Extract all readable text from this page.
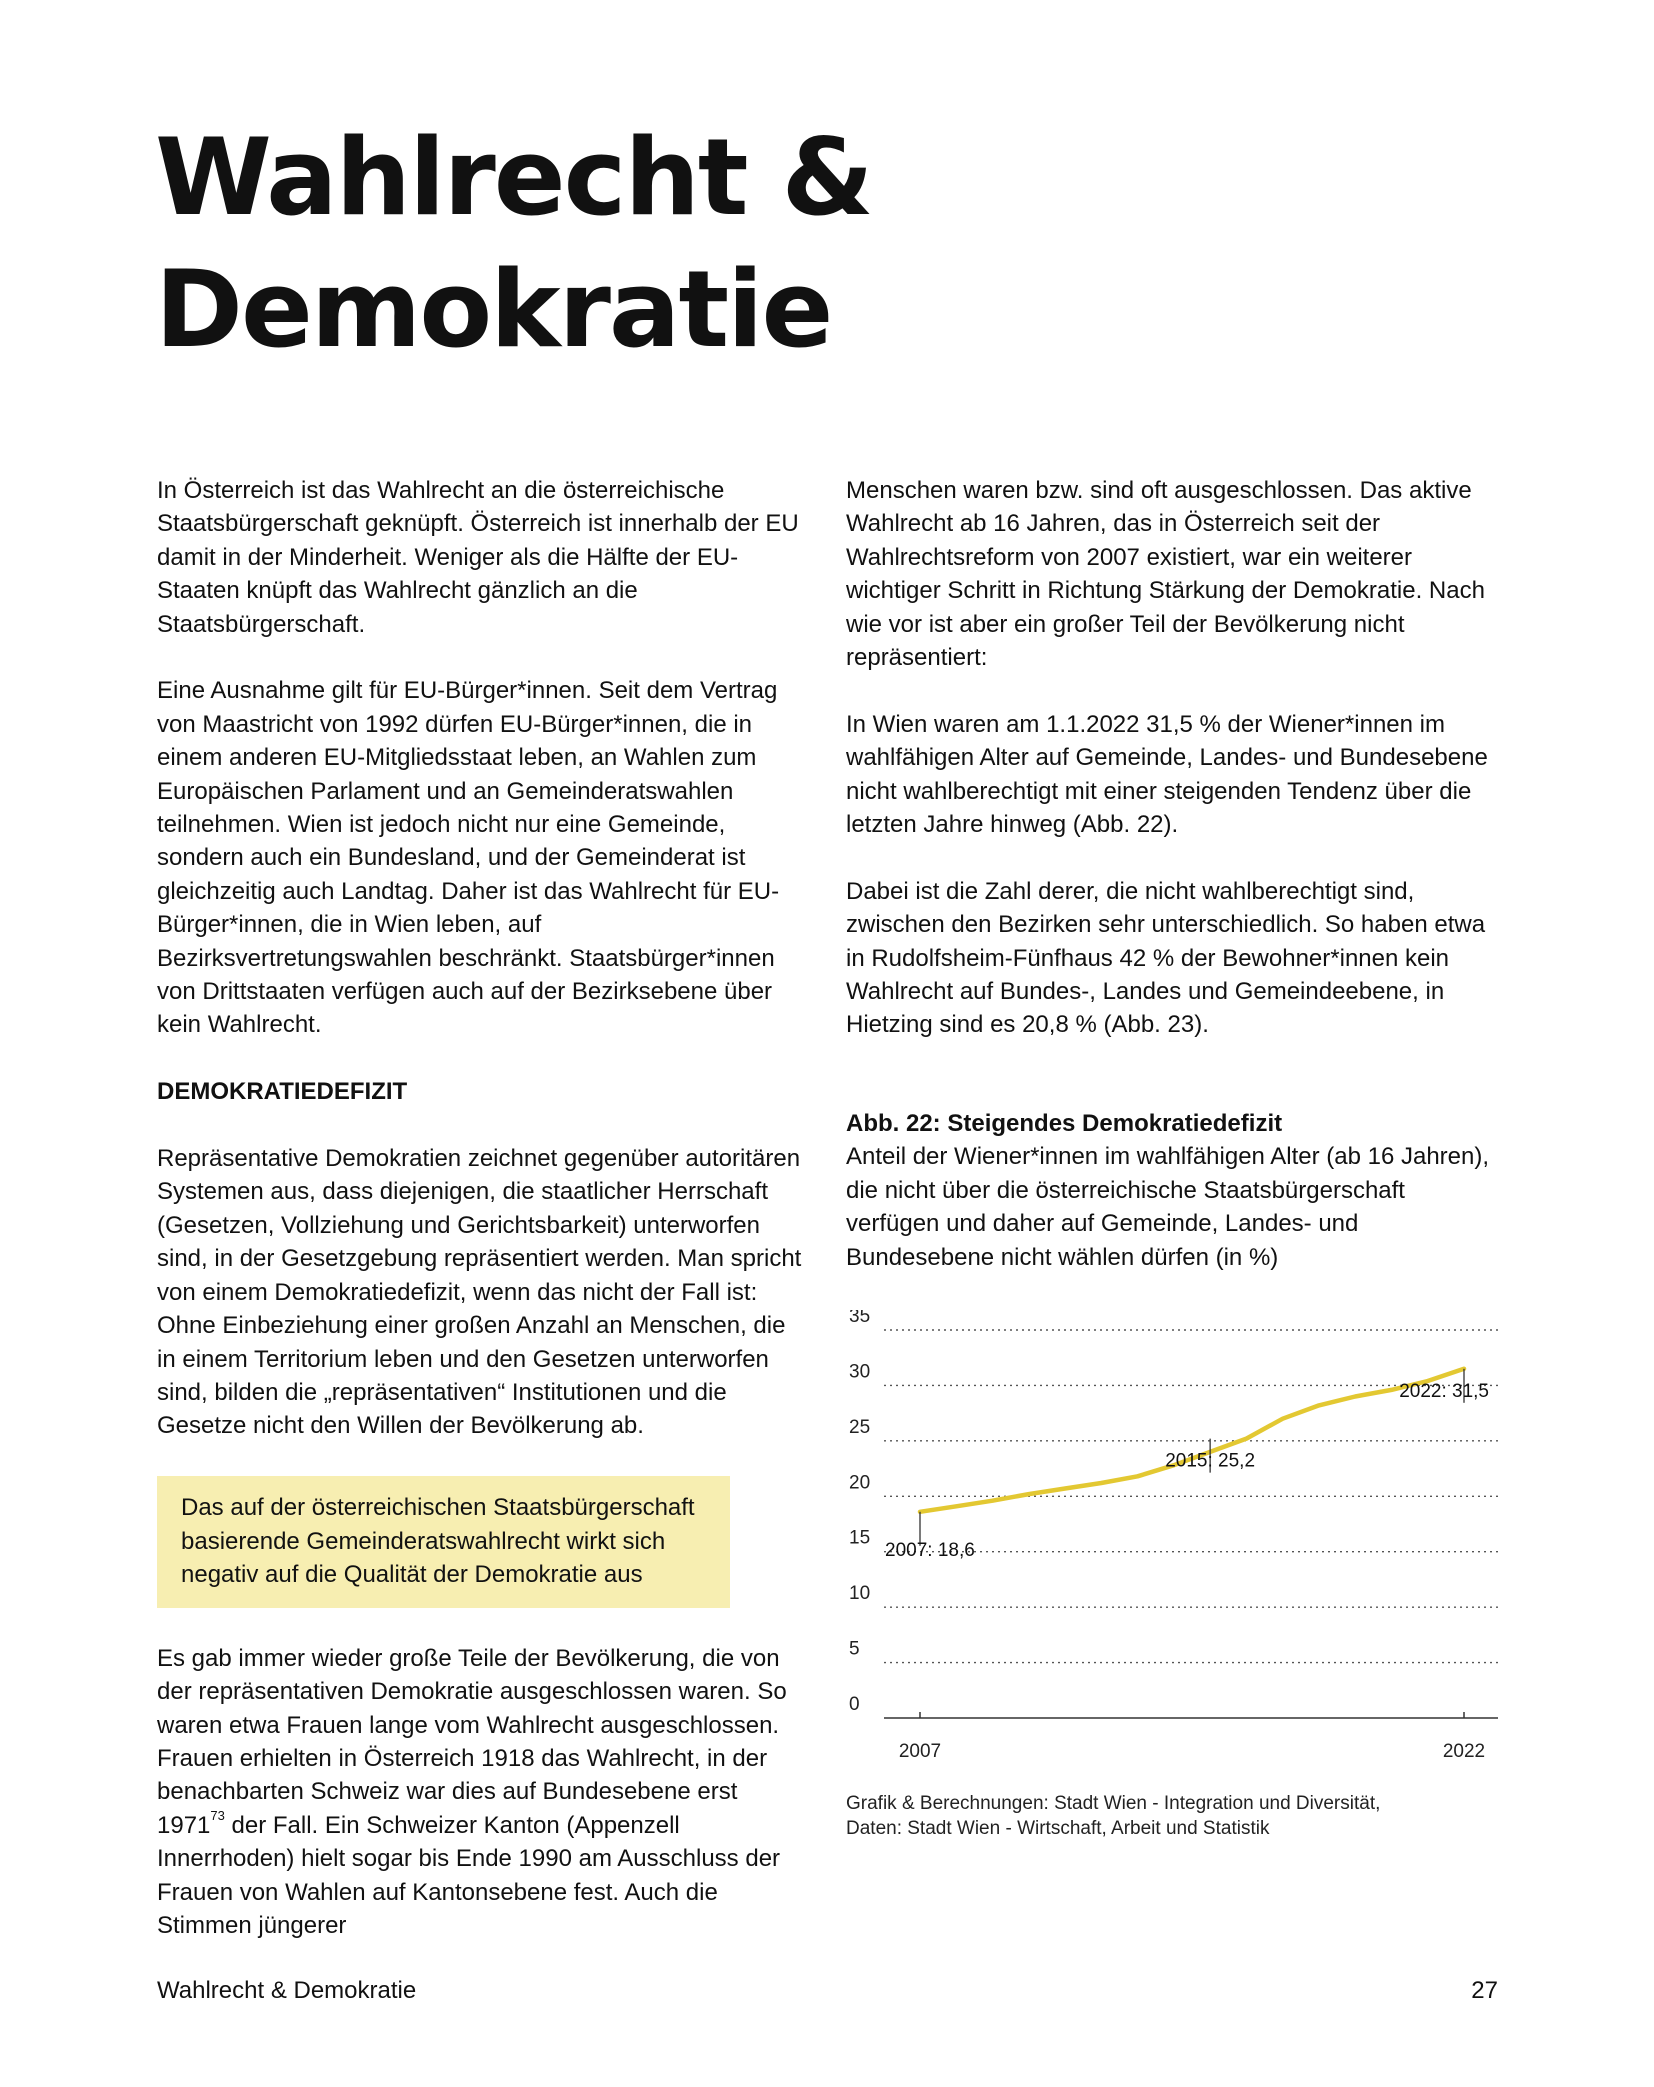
Wahlrecht &
Demokratie

In Österreich ist das Wahlrecht an die österreichische Staatsbürgerschaft geknüpft. Österreich ist innerhalb der EU damit in der Minderheit. Weniger als die Hälfte der EU-Staaten knüpft das Wahlrecht gänzlich an die Staatsbürgerschaft.

Eine Ausnahme gilt für EU-Bürger*innen. Seit dem Vertrag von Maastricht von 1992 dürfen EU-Bürger*innen, die in einem anderen EU-Mitgliedsstaat leben, an Wahlen zum Europäischen Parlament und an Gemeinderatswahlen teilnehmen. Wien ist jedoch nicht nur eine Gemeinde, sondern auch ein Bundesland, und der Gemeinderat ist gleichzeitig auch Landtag. Daher ist das Wahlrecht für EU-Bürger*innen, die in Wien leben, auf Bezirksvertretungswahlen beschränkt. Staatsbürger*innen von Drittstaaten verfügen auch auf der Bezirksebene über kein Wahlrecht.

DEMOKRATIEDEFIZIT

Repräsentative Demokratien zeichnet gegenüber autoritären Systemen aus, dass diejenigen, die staatlicher Herrschaft (Gesetzen, Vollziehung und Gerichtsbarkeit) unterworfen sind, in der Gesetzgebung repräsentiert werden. Man spricht von einem Demokratiedefizit, wenn das nicht der Fall ist: Ohne Einbeziehung einer großen Anzahl an Menschen, die in einem Territorium leben und den Gesetzen unterworfen sind, bilden die „repräsentativen“ Institutionen und die Gesetze nicht den Willen der Bevölkerung ab.

Das auf der österreichischen Staatsbürgerschaft basierende Gemeinderatswahlrecht wirkt sich negativ auf die Qualität der Demokratie aus

Es gab immer wieder große Teile der Bevölkerung, die von der repräsentativen Demokratie ausgeschlossen waren. So waren etwa Frauen lange vom Wahlrecht ausgeschlossen. Frauen erhielten in Österreich 1918 das Wahlrecht, in der benachbarten Schweiz war dies auf Bundesebene erst 1971$^{73}$ der Fall. Ein Schweizer Kanton (Appenzell Innerrhoden) hielt sogar bis Ende 1990 am Ausschluss der Frauen von Wahlen auf Kantonsebene fest. Auch die Stimmen jüngerer

Menschen waren bzw. sind oft ausgeschlossen. Das aktive Wahlrecht ab 16 Jahren, das in Österreich seit der Wahlrechtsreform von 2007 existiert, war ein weiterer wichtiger Schritt in Richtung Stärkung der Demokratie. Nach wie vor ist aber ein großer Teil der Bevölkerung nicht repräsentiert:

In Wien waren am 1.1.2022 31,5 % der Wiener*innen im wahlfähigen Alter auf Gemeinde, Landes- und Bundesebene nicht wahlberechtigt mit einer steigenden Tendenz über die letzten Jahre hinweg (Abb. 22).

Dabei ist die Zahl derer, die nicht wahlberechtigt sind, zwischen den Bezirken sehr unterschiedlich. So haben etwa in Rudolfsheim-Fünfhaus 42 % der Bewohner*innen kein Wahlrecht auf Bundes-, Landes und Gemeindeebene, in Hietzing sind es 20,8 % (Abb. 23).

Abb. 22: Steigendes Demokratiedefizit
Anteil der Wiener*innen im wahlfähigen Alter (ab 16 Jahren), die nicht über die österreichische Staatsbürgerschaft verfügen und daher auf Gemeinde, Landes- und Bundesebene nicht wählen dürfen (in %)
0
5
10
15
20
25
30
35
2007	2022
2007: 18,6
2015: 25,2
2022: 31,5
Grafik & Berechnungen: Stadt Wien - Integration und Diversität,
Daten: Stadt Wien - Wirtschaft, Arbeit und Statistik
Wahlrecht & Demokratie	27
